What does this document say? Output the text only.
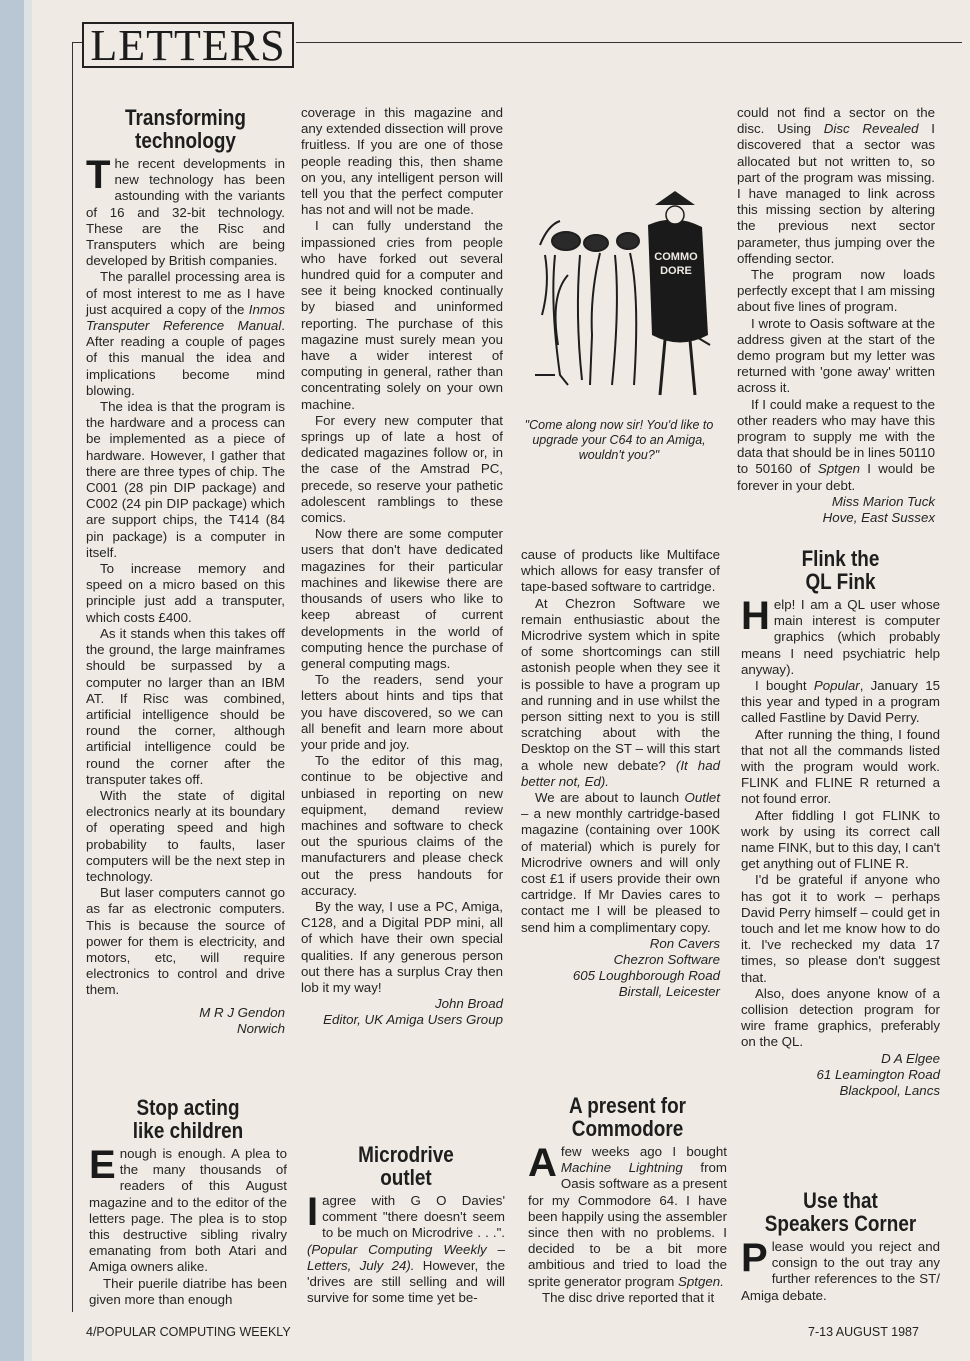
LETTERS
Transforming
technology

The recent developments in new technology has been astounding with the variants of 16 and 32-bit technology. These are the Risc and Transputers which are being developed by British companies.

The parallel processing area is of most interest to me as I have just acquired a copy of the Inmos Transputer Reference Manual. After reading a couple of pages of this manual the idea and implications become mind blowing.

The idea is that the program is the hardware and a process can be implemented as a piece of hardware. However, I gather that there are three types of chip. The C001 (28 pin DIP package) and C002 (24 pin DIP package) which are support chips, the T414 (84 pin package) is a computer in itself.

To increase memory and speed on a micro based on this principle just add a transputer, which costs £400.

As it stands when this takes off the ground, the large mainframes should be surpassed by a computer no larger than an IBM AT. If Risc was combined, artificial intelligence should be round the corner, although artificial intelligence could be round the corner after the transputer takes off.

With the state of digital electronics nearly at its boundary of operating speed and high probability to faults, laser computers will be the next step in technology.

But laser computers cannot go as far as electronic computers. This is because the source of power for them is electricity, and motors, etc, will require electronics to control and drive them.

M R J Gendon

Norwich

coverage in this magazine and any extended dissection will prove fruitless. If you are one of those people reading this, then shame on you, any intelligent person will tell you that the perfect computer has not and will not be made.

I can fully understand the impassioned cries from people who have forked out several hundred quid for a computer and see it being knocked continually by biased and uninformed reporting. The purchase of this magazine must surely mean you have a wider interest of computing in general, rather than concentrating solely on your own machine.

For every new computer that springs up of late a host of dedicated magazines follow or, in the case of the Amstrad PC, precede, so reserve your pathetic adolescent ramblings to these comics.

Now there are some computer users that don't have dedicated magazines for their particular machines and likewise there are thousands of users who like to keep abreast of current developments in the world of computing hence the purchase of general computing mags.

To the readers, send your letters about hints and tips that you have discovered, so we can all benefit and learn more about your pride and joy.

To the editor of this mag, continue to be objective and unbiased in reporting on new equipment, demand review machines and software to check out the spurious claims of the manufacturers and please check out the press handouts for accuracy.

By the way, I use a PC, Amiga, C128, and a Digital PDP mini, all of which have their own special qualities. If any generous person out there has a surplus Cray then lob it my way!

John Broad

Editor, UK Amiga Users Group

COMMO
DORE
"Come along now sir! You'd like to upgrade your C64 to an Amiga, wouldn't you?"

cause of products like Multiface which allows for easy transfer of tape-based software to cartridge.

At Chezron Software we remain enthusiastic about the Microdrive system which in spite of some shortcomings can still astonish people when they see it is possible to have a program up and running and in use whilst the person sitting next to you is still scratching about with the Desktop on the ST – will this start a whole new debate? (It had better not, Ed).

We are about to launch Outlet – a new monthly cartridge-based magazine (containing over 100K of material) which is purely for Microdrive owners and will only cost £1 if users provide their own cartridge. If Mr Davies cares to contact me I will be pleased to send him a complimentary copy.

Ron Cavers

Chezron Software

605 Loughborough Road

Birstall, Leicester

could not find a sector on the disc. Using Disc Revealed I discovered that a sector was allocated but not written to, so part of the program was missing. I have managed to link across this missing section by altering the previous next sector parameter, thus jumping over the offending sector.

The program now loads perfectly except that I am missing about five lines of program.

I wrote to Oasis software at the address given at the start of the demo program but my letter was returned with 'gone away' written across it.

If I could make a request to the other readers who may have this program to supply me with the data that should be in lines 50110 to 50160 of Sptgen I would be forever in your debt.

Miss Marion Tuck

Hove, East Sussex

Flink the
QL Fink

Help! I am a QL user whose main interest is computer graphics (which probably means I need psychiatric help anyway).

I bought Popular, January 15 this year and typed in a program called Fastline by David Perry.

After running the thing, I found that not all the commands listed with the program would work. FLINK and FLINE R returned a not found error.

After fiddling I got FLINK to work by using its correct call name FINK, but to this day, I can't get anything out of FLINE R.

I'd be grateful if anyone who has got it to work – perhaps David Perry himself – could get in touch and let me know how to do it. I've rechecked my data 17 times, so please don't suggest that.

Also, does anyone know of a collision detection program for wire frame graphics, preferably on the QL.

D A Elgee

61 Leamington Road

Blackpool, Lancs

Stop acting
like children

Enough is enough. A plea to the many thousands of readers of this August magazine and to the editor of the letters page. The plea is to stop this destructive sibling rivalry emanating from both Atari and Amiga owners alike.

Their puerile diatribe has been given more than enough

Microdrive
outlet

Iagree with G O Davies' comment "there doesn't seem to be much on Microdrive . . .". (Popular Computing Weekly – Letters, July 24). However, the 'drives are still selling and will survive for some time yet be-

A present for
Commodore

Afew weeks ago I bought Machine Lightning from Oasis software as a present for my Commodore 64. I have been happily using the assembler since then with no problems. I decided to be a bit more ambitious and tried to load the sprite generator program Sptgen.

The disc drive reported that it

Use that
Speakers Corner

Please would you reject and consign to the out tray any further references to the ST/ Amiga debate.

4/POPULAR COMPUTING WEEKLY	7-13 AUGUST 1987
